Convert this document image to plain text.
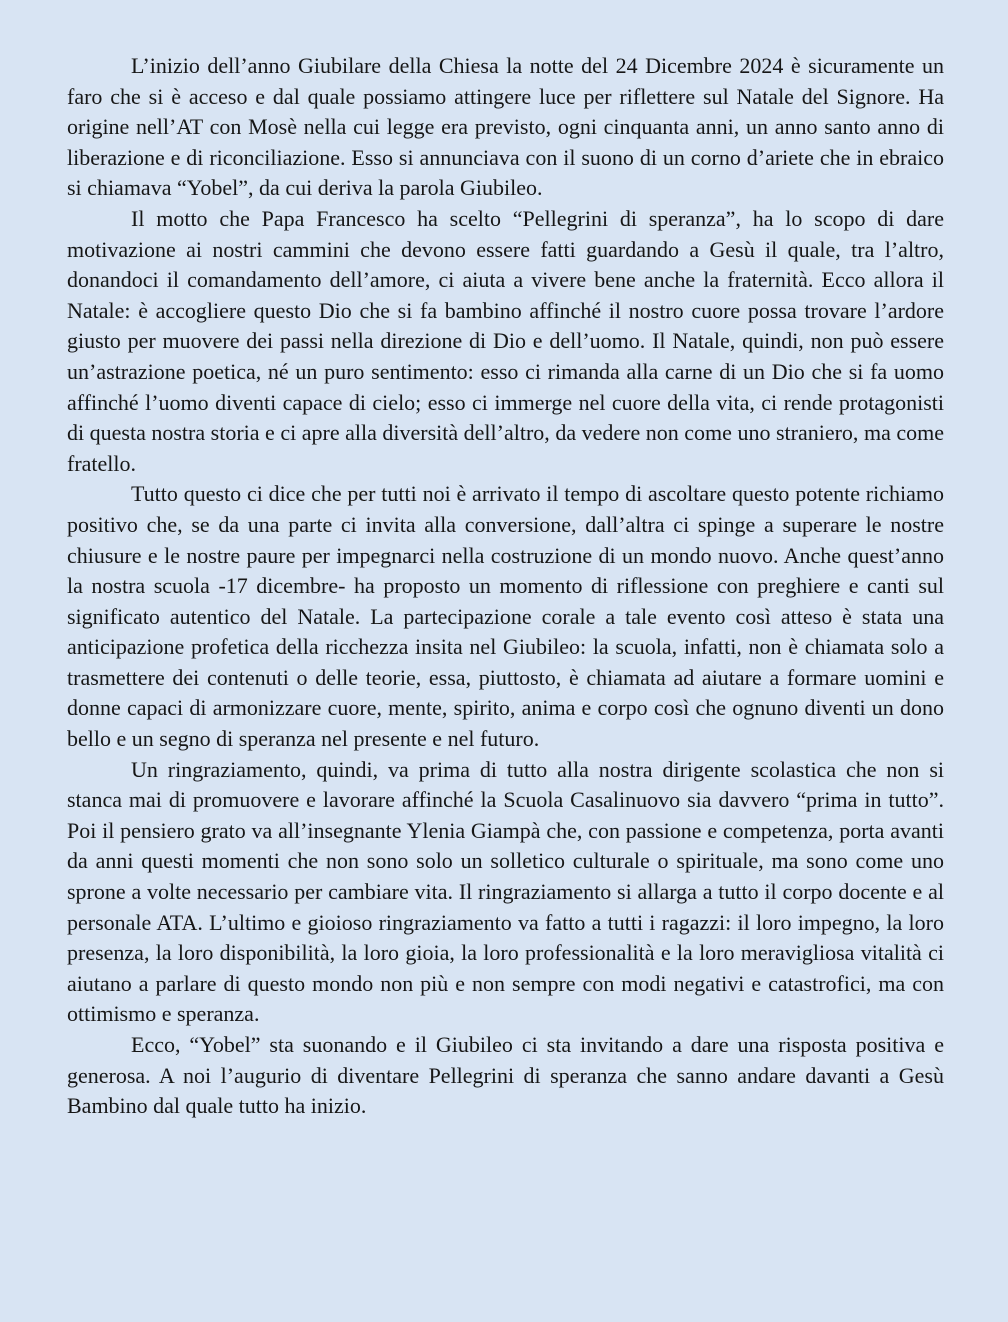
L’inizio dell’anno Giubilare della Chiesa la notte del 24 Dicembre 2024 è sicuramente un faro che si è acceso e dal quale possiamo attingere luce per riflettere sul Natale del Signore. Ha origine nell’AT con Mosè nella cui legge era previsto, ogni cinquanta anni, un anno santo anno di liberazione e di riconciliazione. Esso si annunciava con il suono di un corno d’ariete che in ebraico si chiamava “Yobel”, da cui deriva la parola Giubileo.

Il motto che Papa Francesco ha scelto “Pellegrini di speranza”, ha lo scopo di dare motivazione ai nostri cammini che devono essere fatti guardando a Gesù il quale, tra l’altro, donandoci il comandamento dell’amore, ci aiuta a vivere bene anche la fraternità. Ecco allora il Natale: è accogliere questo Dio che si fa bambino affinché il nostro cuore possa trovare l’ardore giusto per muovere dei passi nella direzione di Dio e dell’uomo. Il Natale, quindi, non può essere un’astrazione poetica, né un puro sentimento: esso ci rimanda alla carne di un Dio che si fa uomo affinché l’uomo diventi capace di cielo; esso ci immerge nel cuore della vita, ci rende protagonisti di questa nostra storia e ci apre alla diversità dell’altro, da vedere non come uno straniero, ma come fratello.

Tutto questo ci dice che per tutti noi è arrivato il tempo di ascoltare questo potente richiamo positivo che, se da una parte ci invita alla conversione, dall’altra ci spinge a superare le nostre chiusure e le nostre paure per impegnarci nella costruzione di un mondo nuovo. Anche quest’anno la nostra scuola -17 dicembre- ha proposto un momento di riflessione con preghiere e canti sul significato autentico del Natale. La partecipazione corale a tale evento così atteso è stata una anticipazione profetica della ricchezza insita nel Giubileo: la scuola, infatti, non è chiamata solo a trasmettere dei contenuti o delle teorie, essa, piuttosto, è chiamata ad aiutare a formare uomini e donne capaci di armonizzare cuore, mente, spirito, anima e corpo così che ognuno diventi un dono bello e un segno di speranza nel presente e nel futuro.

Un ringraziamento, quindi, va prima di tutto alla nostra dirigente scolastica che non si stanca mai di promuovere e lavorare affinché la Scuola Casalinuovo sia davvero “prima in tutto”. Poi il pensiero grato va all’insegnante Ylenia Giampà che, con passione e competenza, porta avanti da anni questi momenti che non sono solo un solletico culturale o spirituale, ma sono come uno sprone a volte necessario per cambiare vita. Il ringraziamento si allarga a tutto il corpo docente e al personale ATA. L’ultimo e gioioso ringraziamento va fatto a tutti i ragazzi: il loro impegno, la loro presenza, la loro disponibilità, la loro gioia, la loro professionalità e la loro meravigliosa vitalità ci aiutano a parlare di questo mondo non più e non sempre con modi negativi e catastrofici, ma con ottimismo e speranza.

Ecco, “Yobel” sta suonando e il Giubileo ci sta invitando a dare una risposta positiva e generosa. A noi l’augurio di diventare Pellegrini di speranza che sanno andare davanti a Gesù Bambino dal quale tutto ha inizio.
